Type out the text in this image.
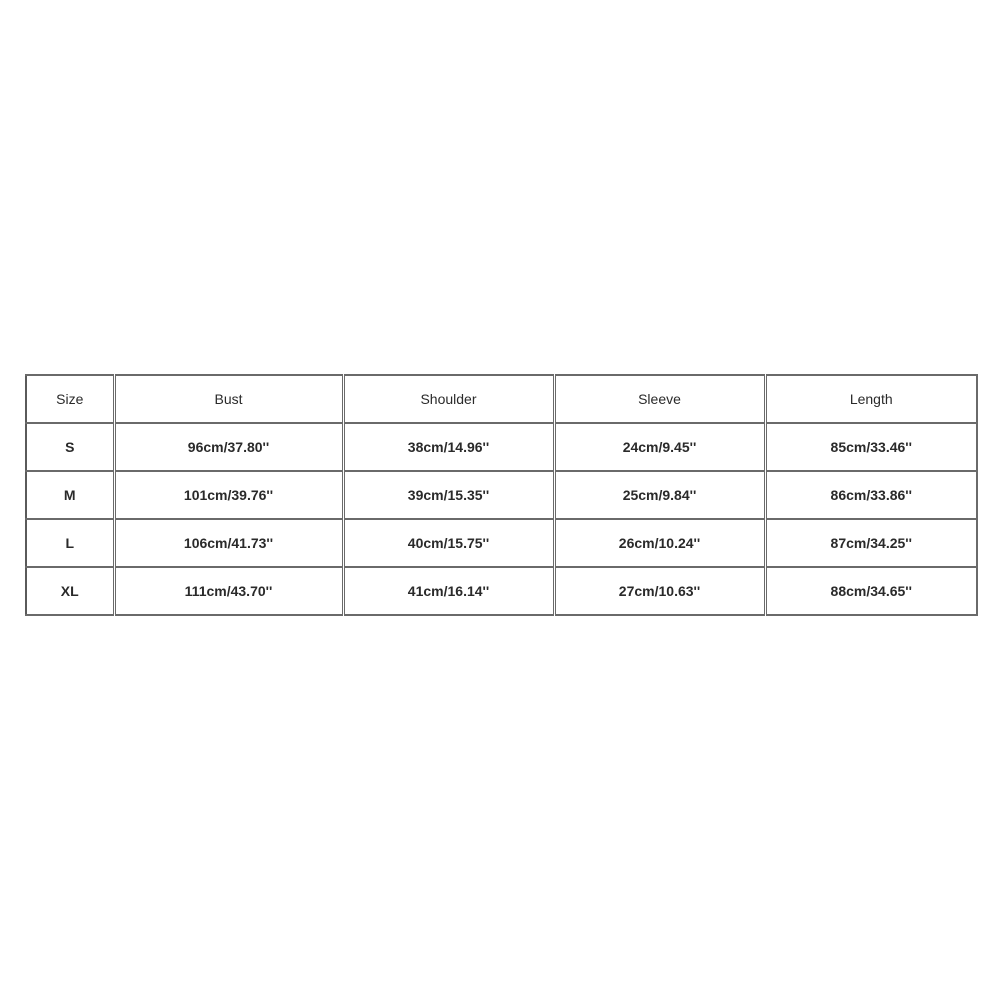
Size	Bust	Shoulder	Sleeve	Length
S	96cm/37.80''	38cm/14.96''	24cm/9.45''	85cm/33.46''
M	101cm/39.76''	39cm/15.35''	25cm/9.84''	86cm/33.86''
L	106cm/41.73''	40cm/15.75''	26cm/10.24''	87cm/34.25''
XL	111cm/43.70''	41cm/16.14''	27cm/10.63''	88cm/34.65''
